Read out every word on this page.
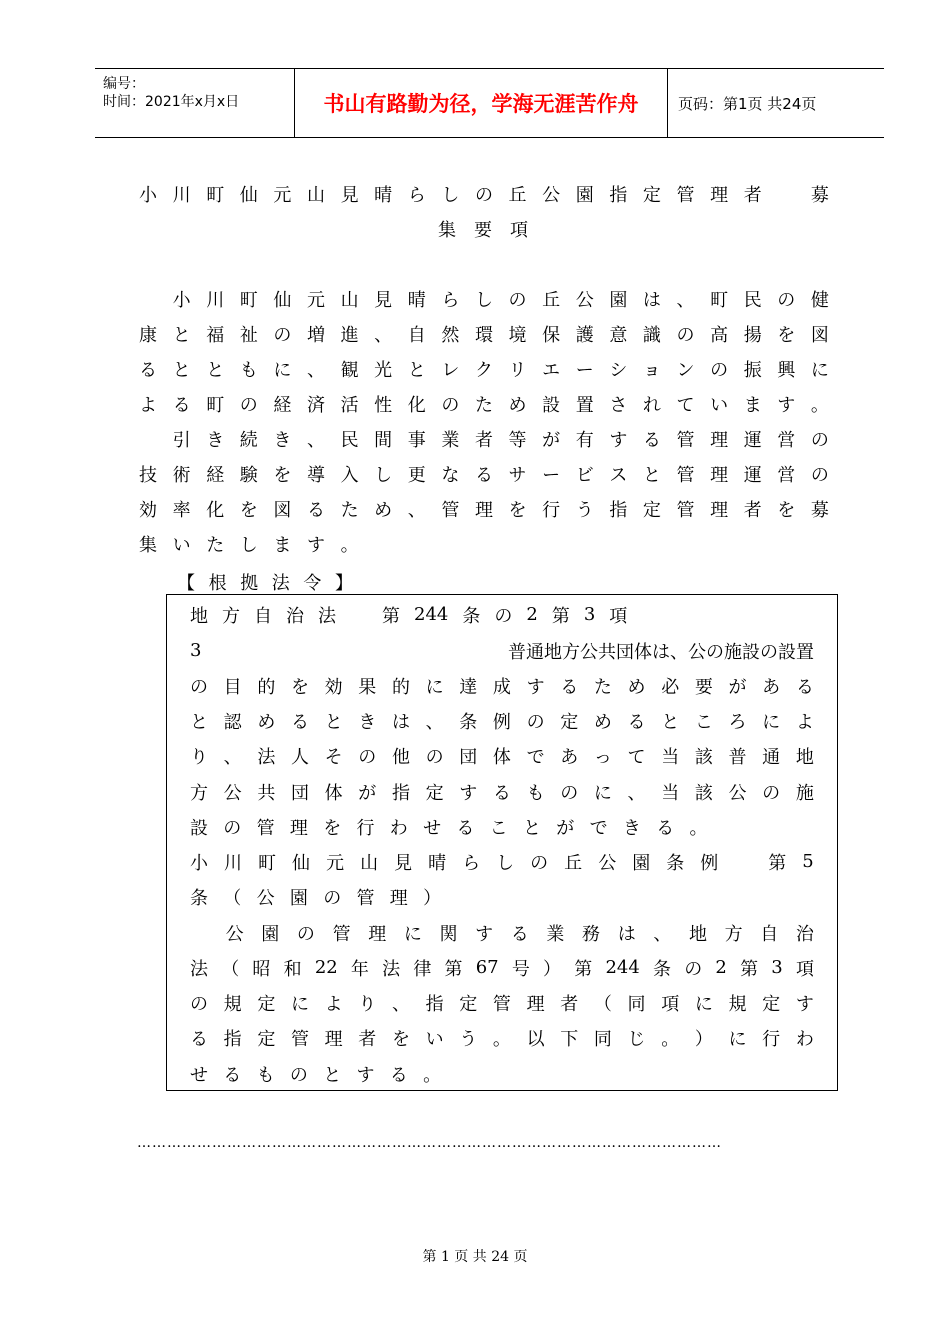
编号：
时间：2021年x月x日	书山有路勤为径，学海无涯苦作舟	页码：第1页 共24页
【 根 拠 法 令 】
………………………………………………………………………………………………………
第 1 页 共 24 页
小 川 町 仙 元 山 見 晴 ら し の 丘 公 園 指 定 管 理 者
　	募
集 要 項

小 川 町 仙 元 山 見 晴 ら し の 丘 公 園 は 、 町 民 の 健
康 と 福 祉 の 増 進 、 自 然 環 境 保 護 意 識 の 高 揚 を 図
る と と も に 、 観 光 と レ ク リ エ ー シ ョ ン の 振 興 に
よ る 町 の 経 済 活 性 化 の た め 設 置 さ れ て い ま す 。

引 き 続 き 、 民 間 事 業 者 等 が 有 す る 管 理 運 営 の
技 術 経 験 を 導 入 し 更 な る サ ー ビ ス と 管 理 運 営 の
効 率 化 を 図 る た め 、 管 理 を 行 う 指 定 管 理 者 を 募
集 い た し ま す 。
地 方 自 治 法
　	第 244 条 の 2 第 3 項
3	　普通地方公共団体は、公の施設の設置
の 目 的 を 効 果 的 に 達 成 す る た め 必 要 が あ る
と 認 め る と き は 、 条 例 の 定 め る と こ ろ に よ
り 、 法 人 そ の 他 の 団 体 で あ っ て 当 該 普 通 地
方 公 共 団 体 が 指 定 す る も の に 、 当 該 公 の 施
設 の 管 理 を 行 わ せ る こ と が で き る 。
小 川 町 仙 元 山 見 晴 ら し の 丘 公 園 条 例
　	第 5
条 （ 公 園 の 管 理 ）

公 園 の 管 理 に 関 す る 業 務 は 、 地 方 自 治
法 （ 昭 和 22 年 法 律 第 67 号 ） 第 244 条 の 2 第 3 項
の 規 定 に よ り 、 指 定 管 理 者 （ 同 項 に 規 定 す
る 指 定 管 理 者 を い う 。 以 下 同 じ 。 ） に 行 わ
せ る も の と す る 。
